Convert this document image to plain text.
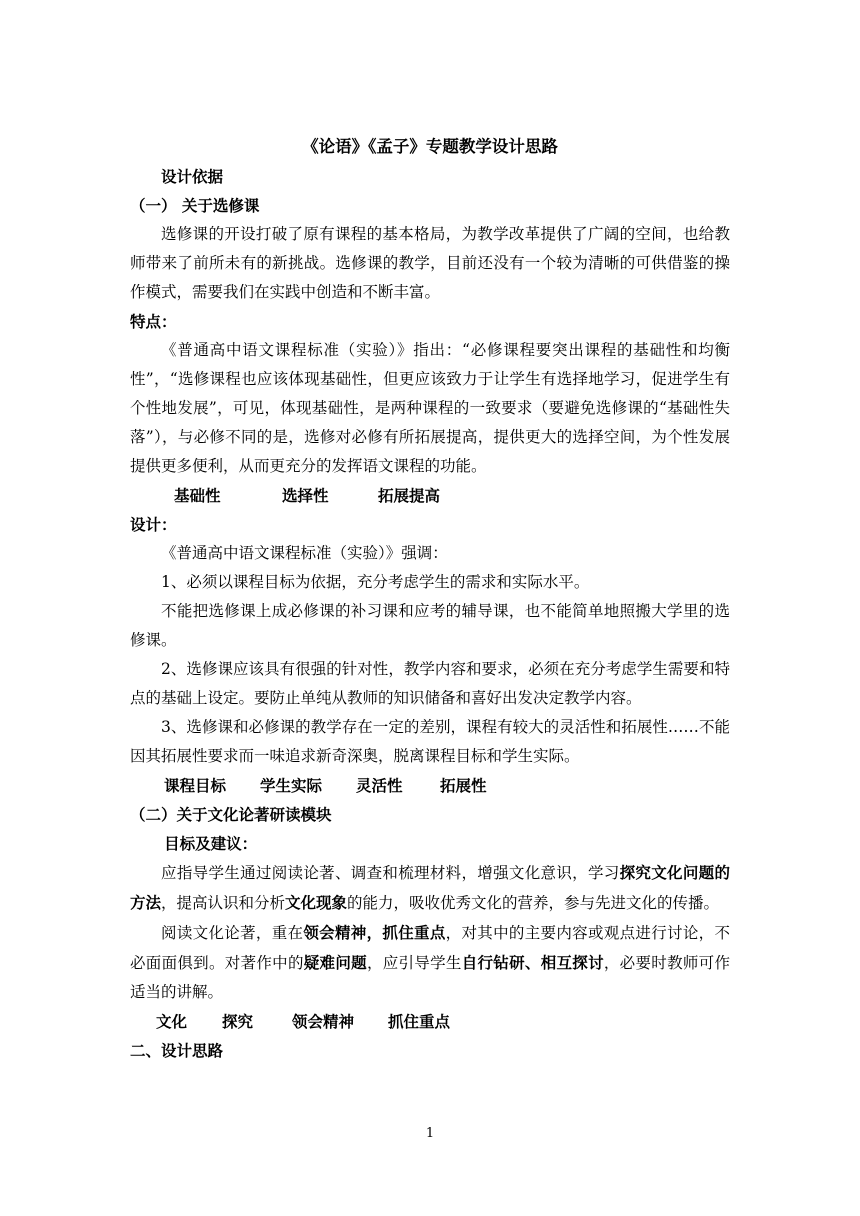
《论语》《孟子》专题教学设计思路

设计依据

（一） 关于选修课

选修课的开设打破了原有课程的基本格局，为教学改革提供了广阔的空间，也给教师带来了前所未有的新挑战。选修课的教学，目前还没有一个较为清晰的可供借鉴的操作模式，需要我们在实践中创造和不断丰富。

特点：

《普通高中语文课程标准（实验）》指出：“必修课程要突出课程的基础性和均衡性”，“选修课程也应该体现基础性，但更应该致力于让学生有选择地学习，促进学生有个性地发展”，可见，体现基础性，是两种课程的一致要求（要避免选修课的“基础性失落”），与必修不同的是，选修对必修有所拓展提高，提供更大的选择空间，为个性发展提供更多便利，从而更充分的发挥语文课程的功能。

基础性	选择性	拓展提高

设计：

《普通高中语文课程标准（实验）》强调：

1、必须以课程目标为依据，充分考虑学生的需求和实际水平。

不能把选修课上成必修课的补习课和应考的辅导课，也不能简单地照搬大学里的选修课。

2、选修课应该具有很强的针对性，教学内容和要求，必须在充分考虑学生需要和特点的基础上设定。要防止单纯从教师的知识储备和喜好出发决定教学内容。

3、选修课和必修课的教学存在一定的差别，课程有较大的灵活性和拓展性……不能因其拓展性要求而一味追求新奇深奥，脱离课程目标和学生实际。

课程目标	学生实际	灵活性	拓展性

（二）关于文化论著研读模块

目标及建议：

应指导学生通过阅读论著、调查和梳理材料，增强文化意识，学习探究文化问题的方法，提高认识和分析文化现象的能力，吸收优秀文化的营养，参与先进文化的传播。

阅读文化论著，重在领会精神，抓住重点，对其中的主要内容或观点进行讨论，不必面面俱到。对著作中的疑难问题，应引导学生自行钻研、相互探讨，必要时教师可作适当的讲解。

文化	探究	领会精神	抓住重点

二、设计思路

1
